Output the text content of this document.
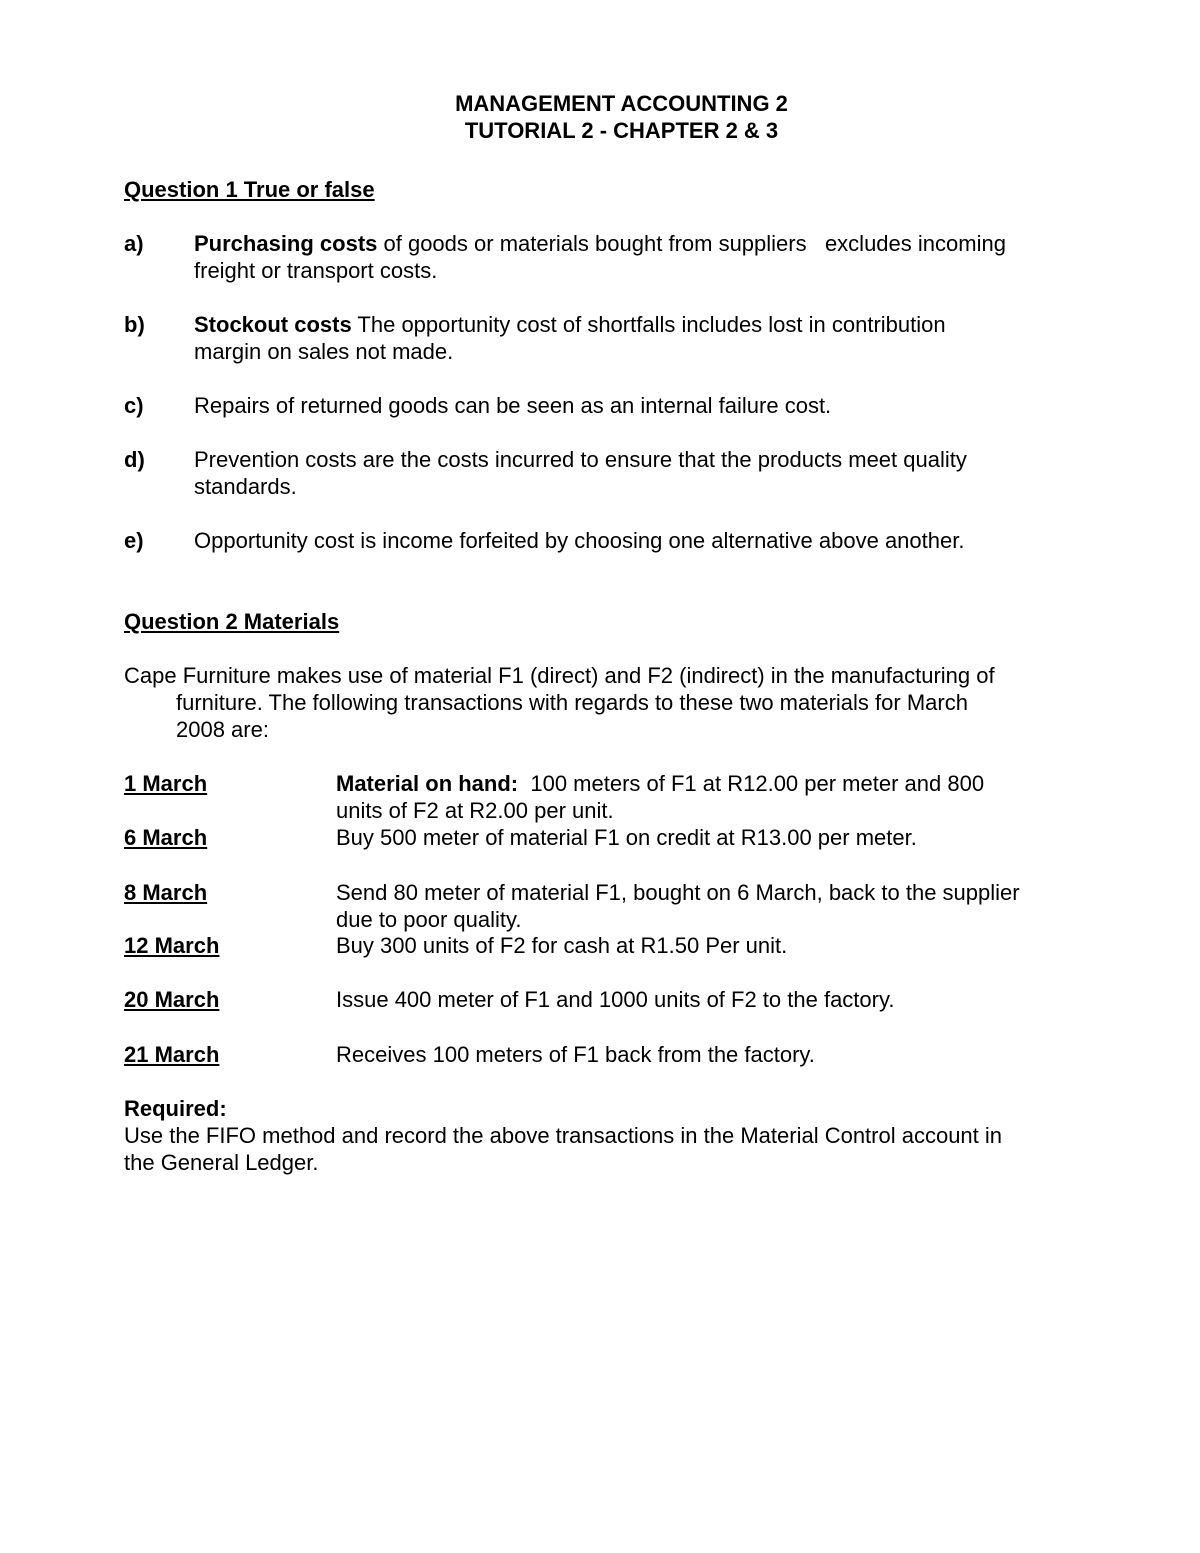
MANAGEMENT ACCOUNTING 2
TUTORIAL 2 - CHAPTER 2 & 3
Question 1 True or false
a) Purchasing costs of goods or materials bought from suppliers   excludes incoming
freight or transport costs.
b) Stockout costs The opportunity cost of shortfalls includes lost in contribution
margin on sales not made.
c) Repairs of returned goods can be seen as an internal failure cost.
d) Prevention costs are the costs incurred to ensure that the products meet quality
standards.
e) Opportunity cost is income forfeited by choosing one alternative above another.
Question 2 Materials
Cape Furniture makes use of material F1 (direct) and F2 (indirect) in the manufacturing of
furniture. The following transactions with regards to these two materials for March
2008 are:
1 March	Material on hand:  100 meters of F1 at R12.00 per meter and 800
units of F2 at R2.00 per unit.
6 March	Buy 500 meter of material F1 on credit at R13.00 per meter.
8 March	Send 80 meter of material F1, bought on 6 March, back to the supplier
due to poor quality.
12 March	Buy 300 units of F2 for cash at R1.50 Per unit.
20 March	Issue 400 meter of F1 and 1000 units of F2 to the factory.
21 March	Receives 100 meters of F1 back from the factory.
Required:
Use the FIFO method and record the above transactions in the Material Control account in
the General Ledger.
